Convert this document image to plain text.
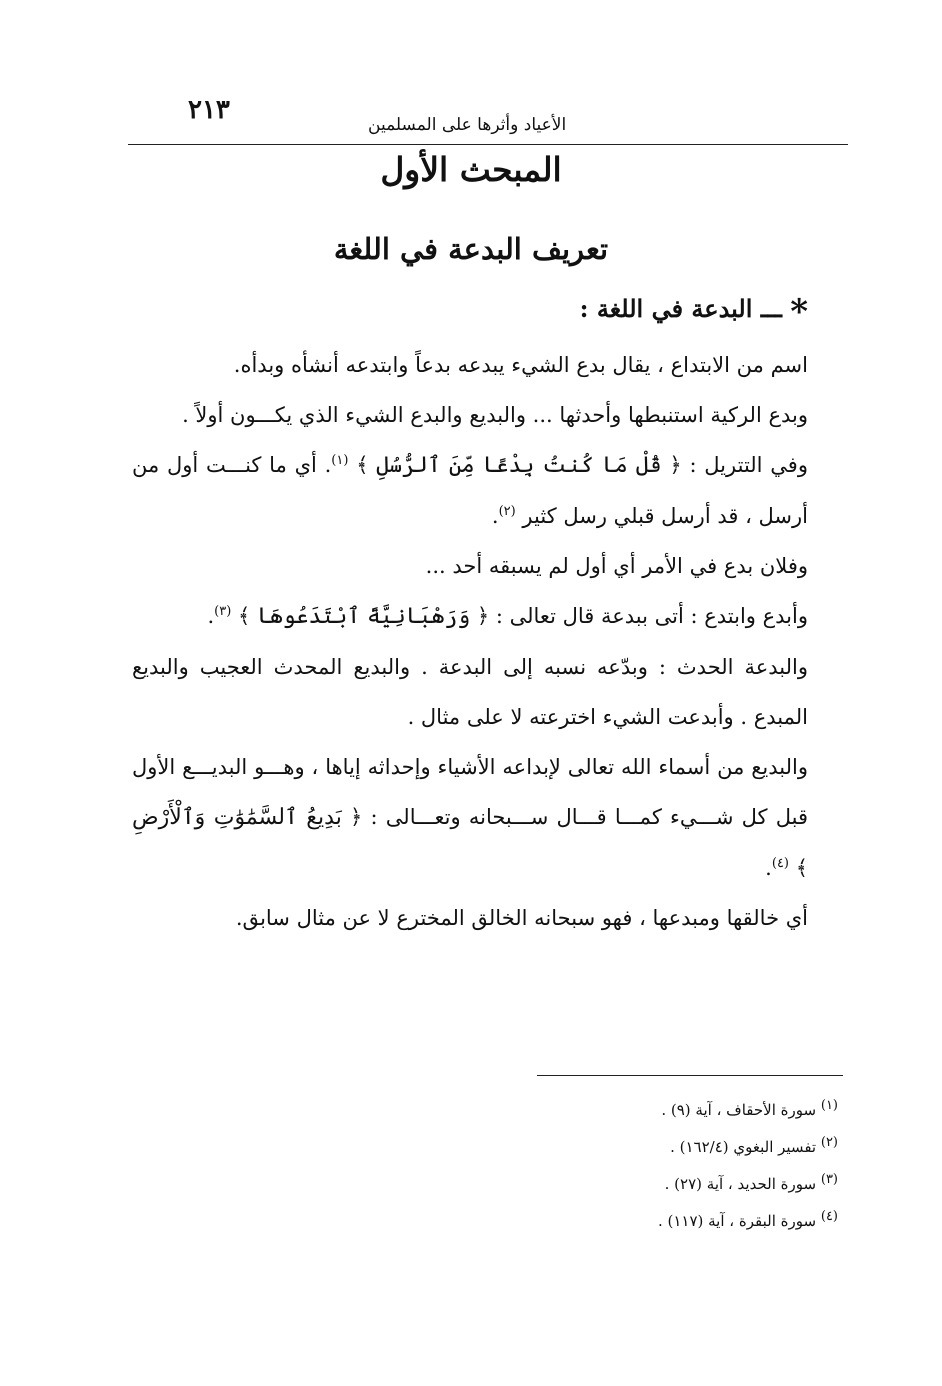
٢١٣	الأعياد وأثرها على المسلمين
المبحث الأول
تعريف البدعة في اللغة
* ـــ البدعة في اللغة :

اسم من الابتداع ، يقال بدع الشيء يبدعه بدعاً وابتدعه أنشأه وبدأه.

وبدع الركية استنبطها وأحدثها ... والبديع والبدع الشيء الذي يكـــون أولاً .

وفي التتريل : ﴿ قُلْ مَا كُنتُ بِدْعًا مِّنَ ٱلرُّسُلِ ﴾ $^{(١)}$. أي ما كنـــت أول من أرسل ، قد أرسل قبلي رسل كثير $^{(٢)}$.

وفلان بدع في الأمر أي أول لم يسبقه أحد ...

وأبدع وابتدع : أتى ببدعة قال تعالى : ﴿ وَرَهْبَانِيَّةً ٱبْتَدَعُوهَا ﴾ $^{(٣)}$.

والبدعة الحدث : وبدّعه نسبه إلى البدعة . والبديع المحدث العجيب والبديع المبدع . وأبدعت الشيء اخترعته لا على مثال .

والبديع من أسماء الله تعالى لإبداعه الأشياء وإحداثه إياها ، وهـــو البديـــع الأول قبل كل شـــيء كمـــا قـــال ســـبحانه وتعـــالى : ﴿ بَدِيعُ ٱلسَّمَٰوَٰتِ وَٱلْأَرْضِ ﴾ $^{(٤)}$.

أي خالقها ومبدعها ، فهو سبحانه الخالق المخترع لا عن مثال سابق.

$^{(١)}$ سورة الأحقاف ، آية (٩) .
$^{(٢)}$ تفسير البغوي (١٦٢/٤) .
$^{(٣)}$ سورة الحديد ، آية (٢٧) .
$^{(٤)}$ سورة البقرة ، آية (١١٧) .
